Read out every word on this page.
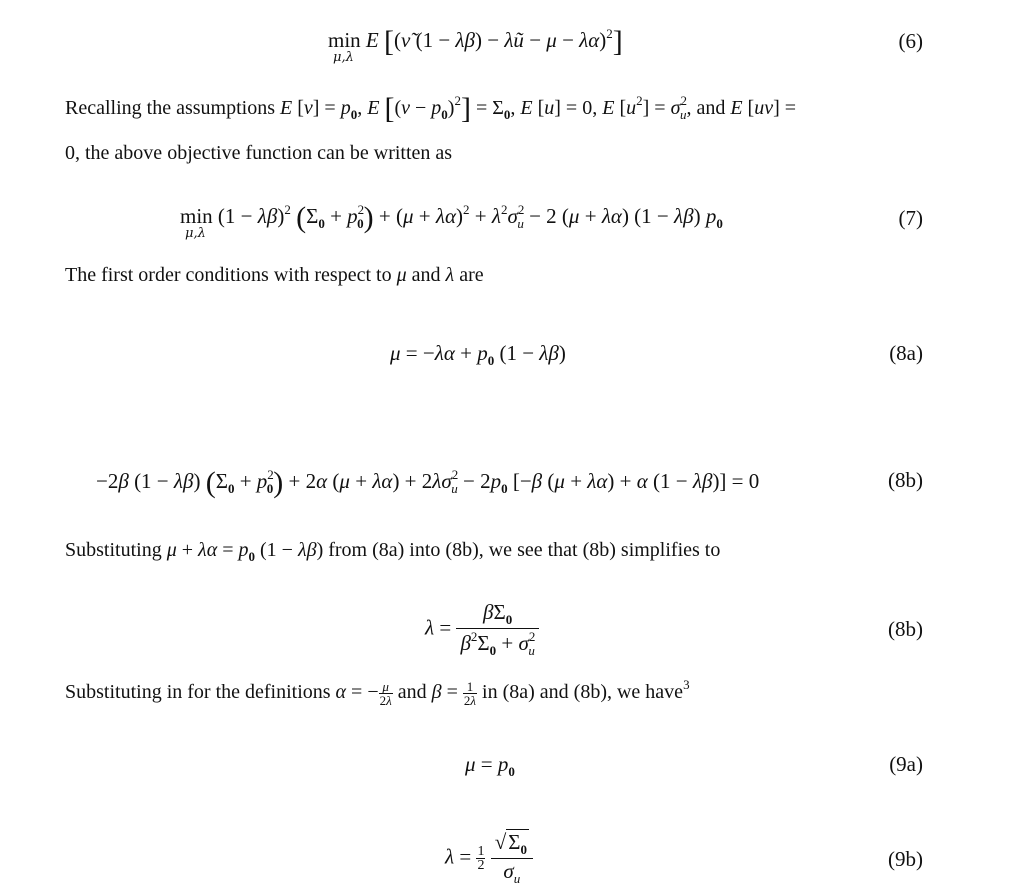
min E [(ν̃ (1 − λβ) − λũ − μ − λα)$^2$]
μ,λ
(6)
Recalling the assumptions E $[\nu] = p_0$, E $[(\nu - p_0)^2] = \Sigma_0$, E [u] = 0, E $[u^2] = \sigma^2_u$, and E [uν] =
0, the above objective function can be written as
$\min (1 - \lambda\beta)^2$ $(\Sigma_0 + p^2_0) + (\mu + \lambda\alpha)^2 + \lambda^2\sigma^2_u - 2$ (μ + λα) (1 − λβ) $p_0$
μ,λ
(7)
The first order conditions with respect to μ and λ are
$\mu = -\lambda\alpha + p_0$ (1 − λβ)	(8a)
−2β (1 − λβ) $(\Sigma_0 + p^2_0) + 2\alpha$ $(\mu + \lambda\alpha) + 2\lambda\sigma^2_u - 2p_0$ [−β (μ + λα) + α (1 − λβ)] = 0	(8b)
Substituting $\mu + \lambda\alpha = p_0$ (1 − λβ) from (8a) into (8b), we see that (8b) simplifies to
$\lambda = \frac{\beta\Sigma_0}{\beta^2\Sigma_0 + \sigma^2_u}$	(8b)
Substituting in for the definitions α = − $\frac{\mu}{2\lambda}$ and $\beta = \frac{1}{2\lambda}$ in (8a) and (8b), we have$^3$
$\mu = p_0$	(9a)
$\lambda = \frac{1}{2}$
$\frac{√\Sigma_0}{\sigma_u}$	(9b)
